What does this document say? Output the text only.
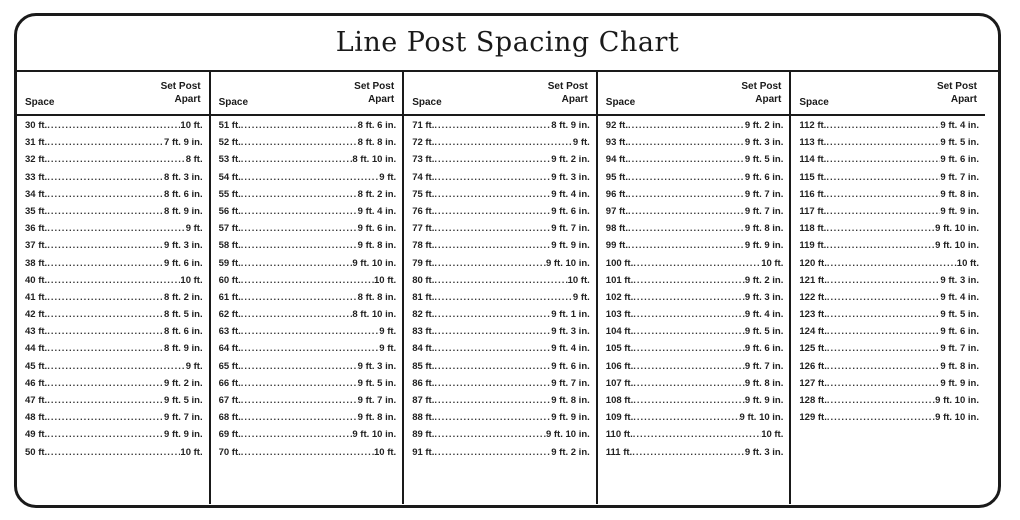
Line Post Spacing Chart
Space
Set Post
Apart
30 ft. .....	10 ft.
31 ft. .....	7 ft. 9 in.
32 ft. .....	8 ft.
33 ft. .....	8 ft. 3 in.
34 ft. .....	8 ft. 6 in.
35 ft. .....	8 ft. 9 in.
36 ft. .....	9 ft.
37 ft. .....	9 ft. 3 in.
38 ft. .....	9 ft. 6 in.
40 ft. .....	10 ft.
41 ft. .....	8 ft. 2 in.
42 ft. .....	8 ft. 5 in.
43 ft. .....	8 ft. 6 in.
44 ft. .....	8 ft. 9 in.
45 ft. .....	9 ft.
46 ft. .....	9 ft. 2 in.
47 ft. .....	9 ft. 5 in.
48 ft. .....	9 ft. 7 in.
49 ft. .....	9 ft. 9 in.
50 ft. .....	10 ft.
Space
Set Post
Apart
51 ft. .....	8 ft. 6 in.
52 ft. .....	8 ft. 8 in.
53 ft. .....	8 ft. 10 in.
54 ft. .....	9 ft.
55 ft. .....	8 ft. 2 in.
56 ft. .....	9 ft. 4 in.
57 ft. .....	9 ft. 6 in.
58 ft. .....	9 ft. 8 in.
59 ft. .....	9 ft. 10 in.
60 ft. .....	10 ft.
61 ft. .....	8 ft. 8 in.
62 ft. .....	8 ft. 10 in.
63 ft. .....	9 ft.
64 ft. .....	9 ft.
65 ft. .....	9 ft. 3 in.
66 ft. .....	9 ft. 5 in.
67 ft. .....	9 ft. 7 in.
68 ft. .....	9 ft. 8 in.
69 ft. .....	9 ft. 10 in.
70 ft. .....	10 ft.
Space
Set Post
Apart
71 ft. .....	8 ft. 9 in.
72 ft. .....	9 ft.
73 ft. .....	9 ft. 2 in.
74 ft. .....	9 ft. 3 in.
75 ft. .....	9 ft. 4 in.
76 ft. .....	9 ft. 6 in.
77 ft. .....	9 ft. 7 in.
78 ft. .....	9 ft. 9 in.
79 ft. .....	9 ft. 10 in.
80 ft. .....	10 ft.
81 ft. .....	9 ft.
82 ft. .....	9 ft. 1 in.
83 ft. .....	9 ft. 3 in.
84 ft. .....	9 ft. 4 in.
85 ft. .....	9 ft. 6 in.
86 ft. .....	9 ft. 7 in.
87 ft. .....	9 ft. 8 in.
88 ft. .....	9 ft. 9 in.
89 ft. .....	9 ft. 10 in.
91 ft. .....	9 ft. 2 in.
Space
Set Post
Apart
92 ft. .....	9 ft. 2 in.
93 ft. .....	9 ft. 3 in.
94 ft. .....	9 ft. 5 in.
95 ft. .....	9 ft. 6 in.
96 ft. .....	9 ft. 7 in.
97 ft. .....	9 ft. 7 in.
98 ft. .....	9 ft. 8 in.
99 ft. .....	9 ft. 9 in.
100 ft. .....	10 ft.
101 ft. .....	9 ft. 2 in.
102 ft. .....	9 ft. 3 in.
103 ft. .....	9 ft. 4 in.
104 ft. .....	9 ft. 5 in.
105 ft. .....	9 ft. 6 in.
106 ft. .....	9 ft. 7 in.
107 ft. .....	9 ft. 8 in.
108 ft. .....	9 ft. 9 in.
109 ft. .....	9 ft. 10 in.
110 ft. .....	10 ft.
111 ft. .....	9 ft. 3 in.
Space
Set Post
Apart
112 ft. .....	9 ft. 4 in.
113 ft. .....	9 ft. 5 in.
114 ft. .....	9 ft. 6 in.
115 ft. .....	9 ft. 7 in.
116 ft. .....	9 ft. 8 in.
117 ft. .....	9 ft. 9 in.
118 ft. .....	9 ft. 10 in.
119 ft. .....	9 ft. 10 in.
120 ft. .....	10 ft.
121 ft. .....	9 ft. 3 in.
122 ft. .....	9 ft. 4 in.
123 ft. .....	9 ft. 5 in.
124 ft. .....	9 ft. 6 in.
125 ft. .....	9 ft. 7 in.
126 ft. .....	9 ft. 8 in.
127 ft. .....	9 ft. 9 in.
128 ft. .....	9 ft. 10 in.
129 ft. .....	9 ft. 10 in.
